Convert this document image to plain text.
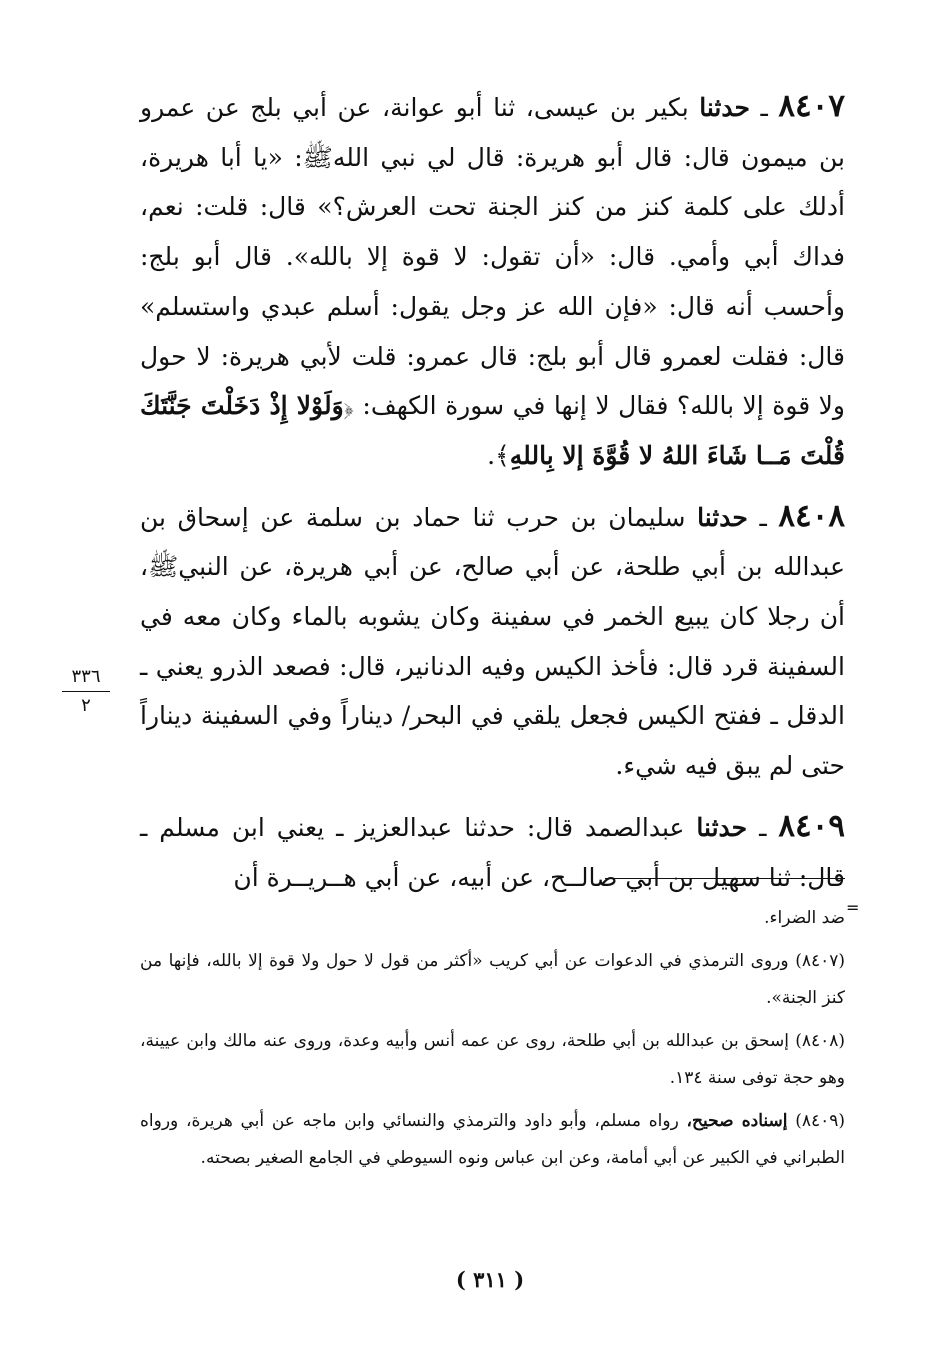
٣٣٦
٢

٨٤٠٧ ـ حدثنا بكير بن عيسى، ثنا أبو عوانة، عن أبي بلج عن عمرو بن ميمون قال: قال أبو هريرة: قال لي نبي اللهﷺ: «يا أبا هريرة، أدلك على كلمة كنز من كنز الجنة تحت العرش؟» قال: قلت: نعم، فداك أبي وأمي. قال: «أن تقول: لا قوة إلا بالله». قال أبو بلج: وأحسب أنه قال: «فإن الله عز وجل يقول: أسلم عبدي واستسلم» قال: فقلت لعمرو قال أبو بلج: قال عمرو: قلت لأبي هريرة: لا حول ولا قوة إلا بالله؟ فقال لا إنها في سورة الكهف: ﴿وَلَوْلا إِذْ دَخَلْتَ جَنَّتَكَ قُلْتَ مَــا شَاءَ اللهُ لا قُوَّةَ إلا بِاللهِ﴾.

٨٤٠٨ ـ حدثنا سليمان بن حرب ثنا حماد بن سلمة عن إسحاق بن عبدالله بن أبي طلحة، عن أبي صالح، عن أبي هريرة، عن النبيﷺ، أن رجلا كان يبيع الخمر في سفينة وكان يشوبه بالماء وكان معه في السفينة قرد قال: فأخذ الكيس وفيه الدنانير، قال: فصعد الذرو يعني ـ الدقل ـ ففتح الكيس فجعل يلقي في البحر/ ديناراً وفي السفينة ديناراً حتى لم يبق فيه شيء.

٨٤٠٩ ـ حدثنا عبدالصمد قال: حدثنا عبدالعزيز ـ يعني ابن مسلم ـ قال: ثنا سهيل بن أبي صالــح، عن أبيه، عن أبي هــريــرة أن

=

ضد الضراء.

(٨٤٠٧) وروى الترمذي في الدعوات عن أبي كريب «أكثر من قول لا حول ولا قوة إلا بالله، فإنها من كنز الجنة».

(٨٤٠٨) إسحق بن عبدالله بن أبي طلحة، روى عن عمه أنس وأبيه وعدة، وروى عنه مالك وابن عيينة، وهو حجة توفى سنة ١٣٤.

(٨٤٠٩) إسناده صحيح، رواه مسلم، وأبو داود والترمذي والنسائي وابن ماجه عن أبي هريرة، ورواه الطبراني في الكبير عن أبي أمامة، وعن ابن عباس ونوه السيوطي في الجامع الصغير بصحته.

( ٣١١ )
